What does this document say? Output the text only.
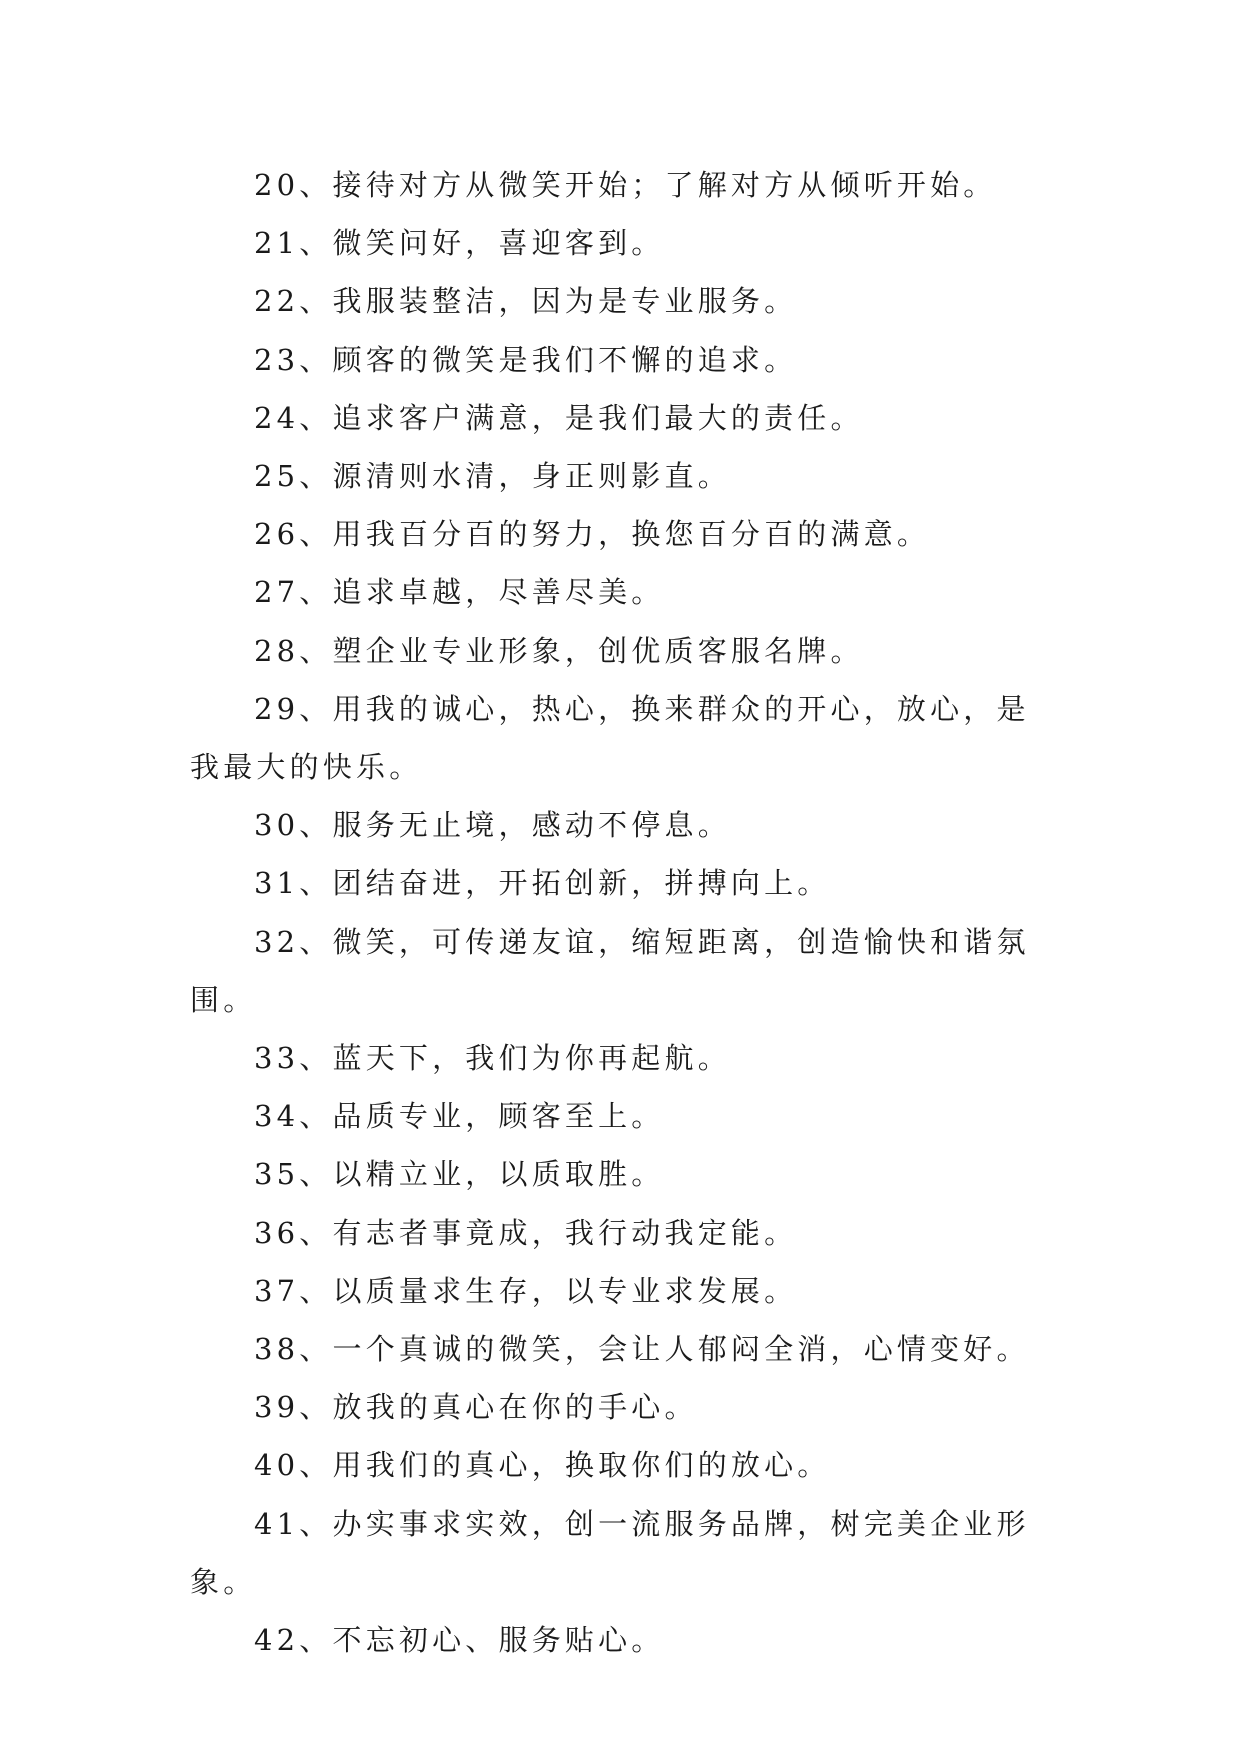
20、接待对方从微笑开始；了解对方从倾听开始。

21、微笑问好，喜迎客到。

22、我服装整洁，因为是专业服务。

23、顾客的微笑是我们不懈的追求。

24、追求客户满意，是我们最大的责任。

25、源清则水清，身正则影直。

26、用我百分百的努力，换您百分百的满意。

27、追求卓越，尽善尽美。

28、塑企业专业形象，创优质客服名牌。

29、用我的诚心，热心，换来群众的开心，放心，是我最大的快乐。

30、服务无止境，感动不停息。

31、团结奋进，开拓创新，拼搏向上。

32、微笑，可传递友谊，缩短距离，创造愉快和谐氛围。

33、蓝天下，我们为你再起航。

34、品质专业，顾客至上。

35、以精立业，以质取胜。

36、有志者事竟成，我行动我定能。

37、以质量求生存，以专业求发展。

38、一个真诚的微笑，会让人郁闷全消，心情变好。

39、放我的真心在你的手心。

40、用我们的真心，换取你们的放心。

41、办实事求实效，创一流服务品牌，树完美企业形象。

42、不忘初心、服务贴心。
